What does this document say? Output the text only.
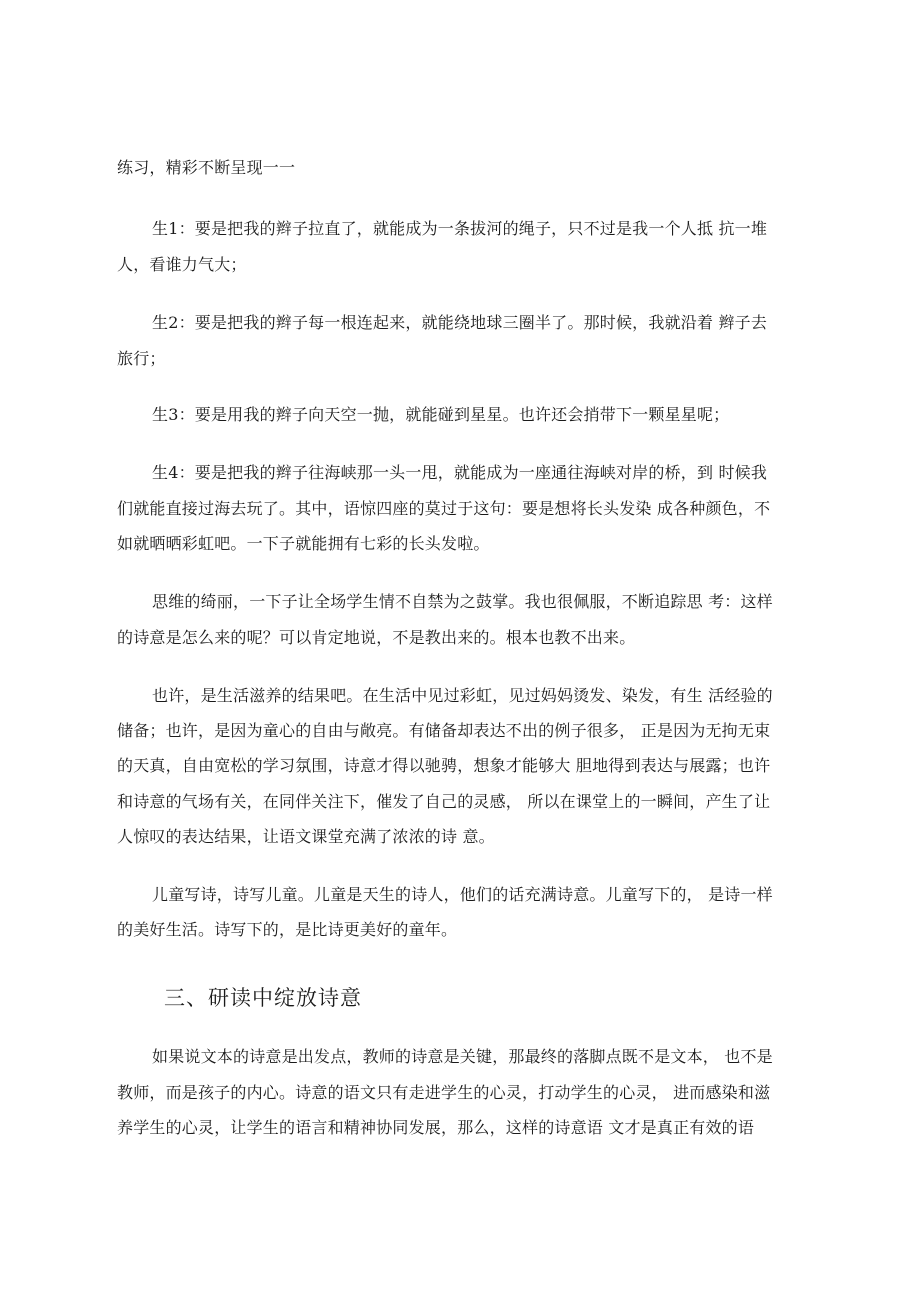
练习，精彩不断呈现一一
生1：要是把我的辫子拉直了，就能成为一条拔河的绳子，只不过是我一个人抵 抗一堆
人，看谁力气大；
生2：要是把我的辫子每一根连起来，就能绕地球三圈半了。那时候，我就沿着 辫子去
旅行；
生3：要是用我的辫子向天空一抛，就能碰到星星。也许还会捎带下一颗星星呢；
生4：要是把我的辫子往海峡那一头一甩，就能成为一座通往海峡对岸的桥，到 时候我
们就能直接过海去玩了。其中，语惊四座的莫过于这句：要是想将长头发染 成各种颜色，不
如就晒晒彩虹吧。一下子就能拥有七彩的长头发啦。
思维的绮丽，一下子让全场学生情不自禁为之鼓掌。我也很佩服，不断追踪思 考：这样
的诗意是怎么来的呢？可以肯定地说，不是教出来的。根本也教不出来。
也许，是生活滋养的结果吧。在生活中见过彩虹，见过妈妈烫发、染发，有生 活经验的
储备；也许，是因为童心的自由与敞亮。有储备却表达不出的例子很多， 正是因为无拘无束
的天真，自由宽松的学习氛围，诗意才得以驰骋，想象才能够大 胆地得到表达与展露；也许
和诗意的气场有关，在同伴关注下，催发了自己的灵感， 所以在课堂上的一瞬间，产生了让
人惊叹的表达结果，让语文课堂充满了浓浓的诗 意。
儿童写诗，诗写儿童。儿童是天生的诗人，他们的话充满诗意。儿童写下的， 是诗一样
的美好生活。诗写下的，是比诗更美好的童年。
三、研读中绽放诗意
如果说文本的诗意是出发点，教师的诗意是关键，那最终的落脚点既不是文本， 也不是
教师，而是孩子的内心。诗意的语文只有走进学生的心灵，打动学生的心灵， 进而感染和滋
养学生的心灵，让学生的语言和精神协同发展，那么，这样的诗意语 文才是真正有效的语
